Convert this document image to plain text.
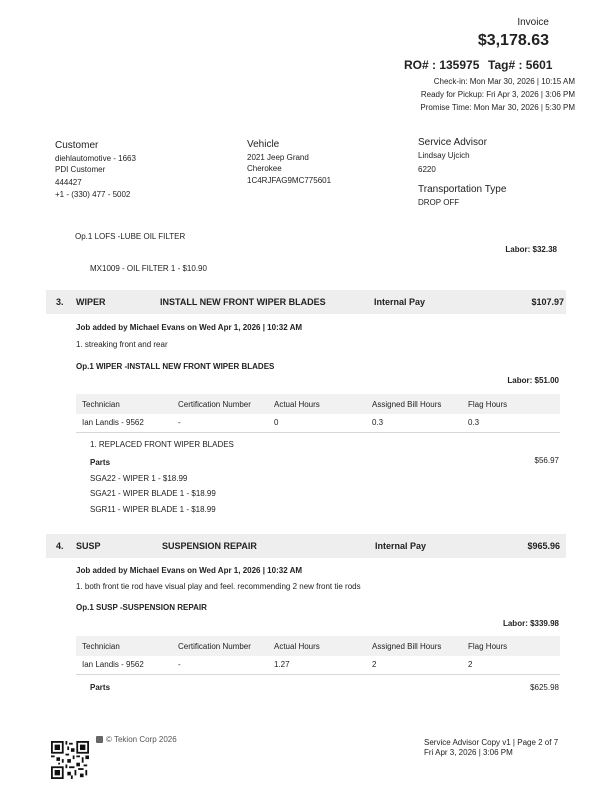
Invoice
$3,178.63
RO# : 135975 Tag# : 5601
Check-in: Mon Mar 30, 2026 | 10:15 AM
Ready for Pickup: Fri Apr 3, 2026 | 3:06 PM
Promise Time: Mon Mar 30, 2026 | 5:30 PM
Customer
diehlautomotive - 1663
PDI Customer
444427
+1 - (330) 477 - 5002
Vehicle
2021 Jeep Grand
Cherokee
1C4RJFAG9MC775601
Service Advisor
Lindsay Ujcich
6220
Transportation Type
DROP OFF
Op.1 LOFS -LUBE OIL FILTER
Labor: $32.38
MX1009 - OIL FILTER 1 - $10.90
3. WIPER	INSTALL NEW FRONT WIPER BLADES	Internal Pay	$107.97
Job added by Michael Evans on Wed Apr 1, 2026 | 10:32 AM
1. streaking front and rear
Op.1 WIPER -INSTALL NEW FRONT WIPER BLADES
Labor: $51.00
Technician	Certification Number	Actual Hours	Assigned Bill Hours	Flag Hours
Ian Landis - 9562	-	0	0.3	0.3
1. REPLACED FRONT WIPER BLADES
Parts	$56.97
SGA22 - WIPER 1 - $18.99
SGA21 - WIPER BLADE 1 - $18.99
SGR11 - WIPER BLADE 1 - $18.99
4. SUSP	SUSPENSION REPAIR	Internal Pay	$965.96
Job added by Michael Evans on Wed Apr 1, 2026 | 10:32 AM
1. both front tie rod have visual play and feel. recommending 2 new front tie rods
Op.1 SUSP -SUSPENSION REPAIR
Labor: $339.98
Technician	Certification Number	Actual Hours	Assigned Bill Hours	Flag Hours
Ian Landis - 9562	-	1.27	2	2
Parts	$625.98
© Tekion Corp 2026	Service Advisor Copy v1 | Page 2 of 7
Fri Apr 3, 2026 | 3:06 PM
